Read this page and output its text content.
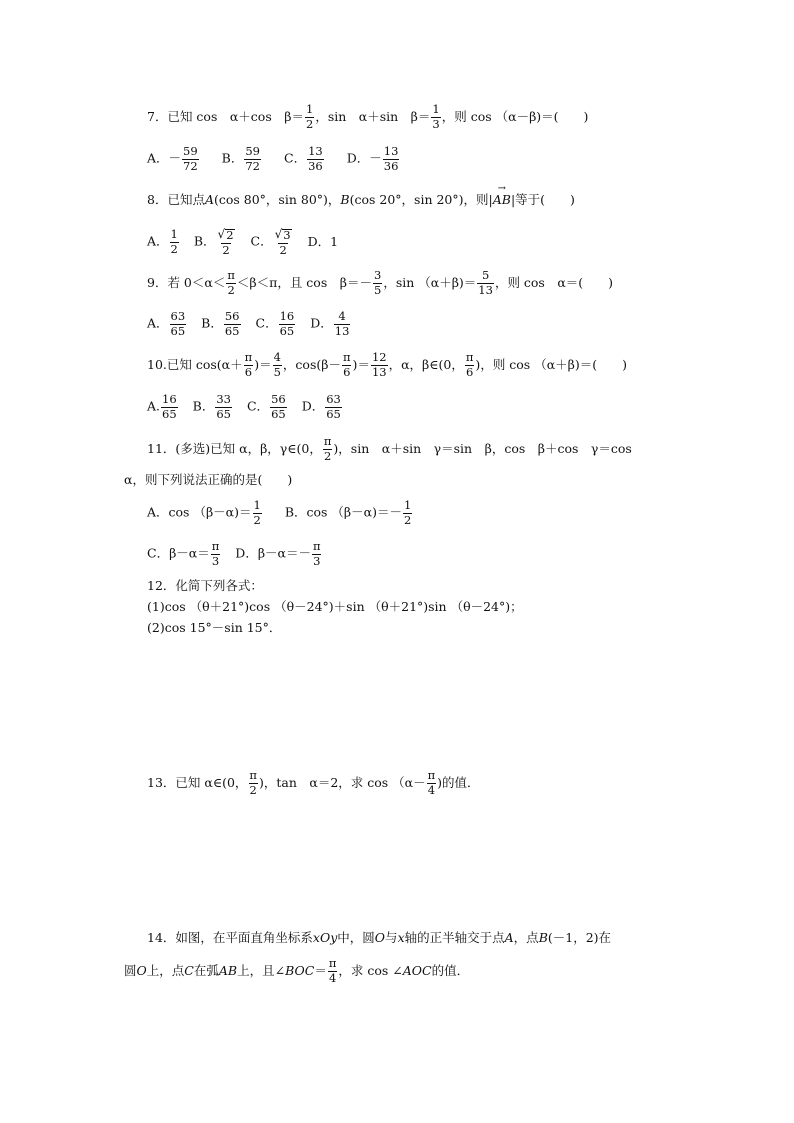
7．已知 cos　α＋cos　$\beta= \frac{1}{2}$ ，sin　α＋sin　$\beta= \frac{1}{3}$ ，则 cos （α－β)＝(　　)
A．－ $\frac{59}{72}$ B． $\frac{59}{72}$ C． $\frac{13}{36}$ D．－ $\frac{13}{36}$
8．已知点 A (cos 80°，sin 80°)， B (cos 20°，sin 20°)，则|
→ AB |等于(　　)
A． $\frac{1}{2}$ B． $\frac{√ 2}{2}$ C． $\frac{√ 3}{2}$ D．1
9．若 $0<\alpha< \frac{\pi}{2} <\beta<\pi$，且 cos　$\beta=- \frac{3}{5}$ ，$\sin (\alpha+\beta)= \frac{5}{13}$ ，则 cos　α＝(　　)
A． $\frac{63}{65}$ B． $\frac{56}{65}$ C． $\frac{16}{65}$ D． $\frac{4}{13}$
10.已知 $\cos (\alpha+ \frac{\pi}{6}$ ) ＝ $\frac{4}{5}$ ，$\cos (\beta- \frac{\pi}{6}$ ) ＝ $\frac{12}{13}$ ，α，β∈ (0， $\frac{\pi}{6}$ ) ，则 cos （α＋β)＝(　　)
A. $\frac{16}{65}$ B． $\frac{33}{65}$ C． $\frac{56}{65}$ D． $\frac{63}{65}$
11．(多选)已知 α，β，γ∈(0， $\frac{\pi}{2}$ )，sin　α＋sin　γ＝sin　β，cos　β＋cos　γ＝cos
α，则下列说法正确的是(　　)
A．$\cos (\beta-\alpha)= \frac{1}{2}$ B．$\cos (\beta-\alpha)=- \frac{1}{2}$
C．$\beta-\alpha= \frac{\pi}{3}$ D．$\beta-\alpha=- \frac{\pi}{3}$
12．化简下列各式：
(1)cos （θ＋21°)cos （θ－24°)＋sin （θ＋21°)sin （θ－24°)；
(2)cos 15°－sin 15°．
13．已知 α∈(0， $\frac{\pi}{2}$ )，tan　α＝2，求 $\cos (\alpha- \frac{\pi}{4}$ )的值．
14．如图，在平面直角坐标系 xOy 中，圆 O 与 x 轴的正半轴交于点 A ，点 B (－1，2)在
圆 O 上，点 C 在弧 AB 上，且∠ BOC ＝ $\frac{\pi}{4}$ ，求 cos ∠ AOC 的值．
